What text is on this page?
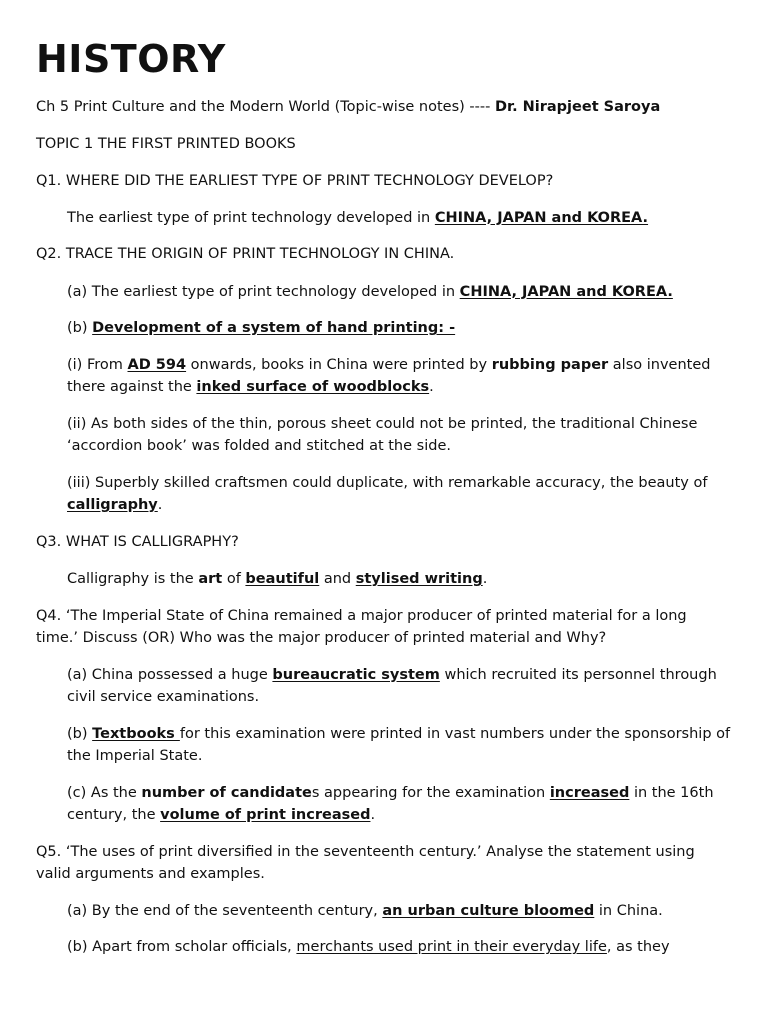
HISTORY

Ch 5 Print Culture and the Modern World (Topic-wise notes) ---- Dr. Nirapjeet Saroya

TOPIC 1 THE FIRST PRINTED BOOKS

Q1. WHERE DID THE EARLIEST TYPE OF PRINT TECHNOLOGY DEVELOP?

The earliest type of print technology developed in CHINA, JAPAN and KOREA.

Q2. TRACE THE ORIGIN OF PRINT TECHNOLOGY IN CHINA.

(a) The earliest type of print technology developed in CHINA, JAPAN and KOREA.

(b) Development of a system of hand printing: -

(i) From AD 594 onwards, books in China were printed by rubbing paper also invented there against the inked surface of woodblocks.

(ii) As both sides of the thin, porous sheet could not be printed, the traditional Chinese ‘accordion book’ was folded and stitched at the side.

(iii) Superbly skilled craftsmen could duplicate, with remarkable accuracy, the beauty of calligraphy.

Q3. WHAT IS CALLIGRAPHY?

Calligraphy is the art of beautiful and stylised writing.

Q4. ‘The Imperial State of China remained a major producer of printed material for a long time.’ Discuss (OR) Who was the major producer of printed material and Why?

(a) China possessed a huge bureaucratic system which recruited its personnel through civil service examinations.

(b) Textbooks for this examination were printed in vast numbers under the sponsorship of the Imperial State.

(c) As the number of candidates appearing for the examination increased in the 16th century, the volume of print increased.

Q5. ‘The uses of print diversified in the seventeenth century.’ Analyse the statement using valid arguments and examples.

(a) By the end of the seventeenth century, an urban culture bloomed in China.

(b) Apart from scholar officials, merchants used print in their everyday life, as they
